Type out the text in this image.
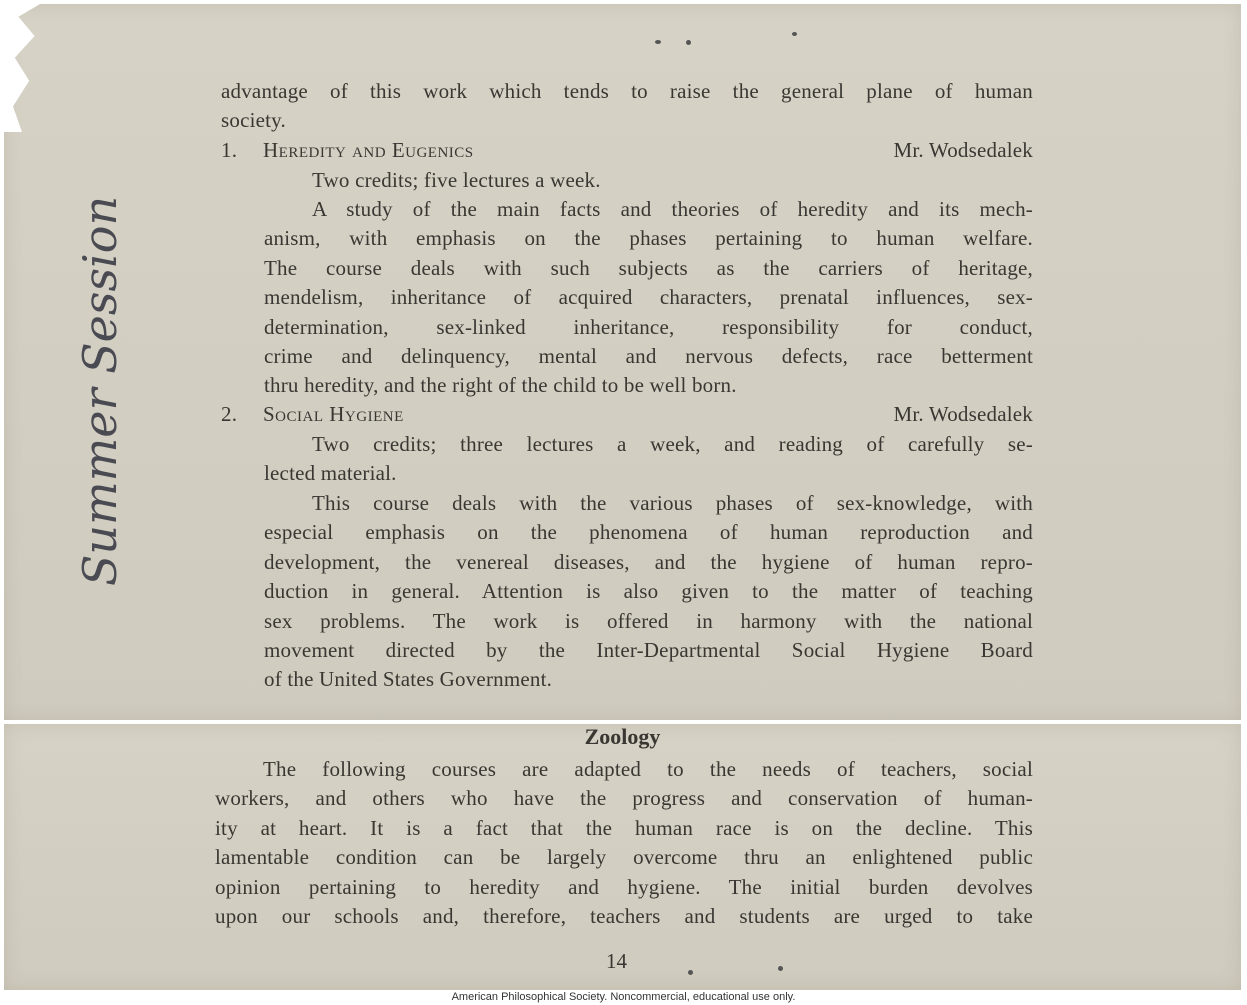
Summer Session
advantage of this work which tends to raise the general plane of human
society.
1. Heredity and Eugenics	Mr. Wodsedalek
Two credits; five lectures a week.
A study of the main facts and theories of heredity and its mech-
anism, with emphasis on the phases pertaining to human welfare.
The course deals with such subjects as the carriers of heritage,
mendelism, inheritance of acquired characters, prenatal influences, sex-
determination, sex-linked inheritance, responsibility for conduct,
crime and delinquency, mental and nervous defects, race betterment
thru heredity, and the right of the child to be well born.
2. Social Hygiene	Mr. Wodsedalek
Two credits; three lectures a week, and reading of carefully se-
lected material.
This course deals with the various phases of sex-knowledge, with
especial emphasis on the phenomena of human reproduction and
development, the venereal diseases, and the hygiene of human repro-
duction in general. Attention is also given to the matter of teaching
sex problems. The work is offered in harmony with the national
movement directed by the Inter-Departmental Social Hygiene Board
of the United States Government.
Zoology
The following courses are adapted to the needs of teachers, social
workers, and others who have the progress and conservation of human-
ity at heart. It is a fact that the human race is on the decline. This
lamentable condition can be largely overcome thru an enlightened public
opinion pertaining to heredity and hygiene. The initial burden devolves
upon our schools and, therefore, teachers and students are urged to take
14
American Philosophical Society. Noncommercial, educational use only.
